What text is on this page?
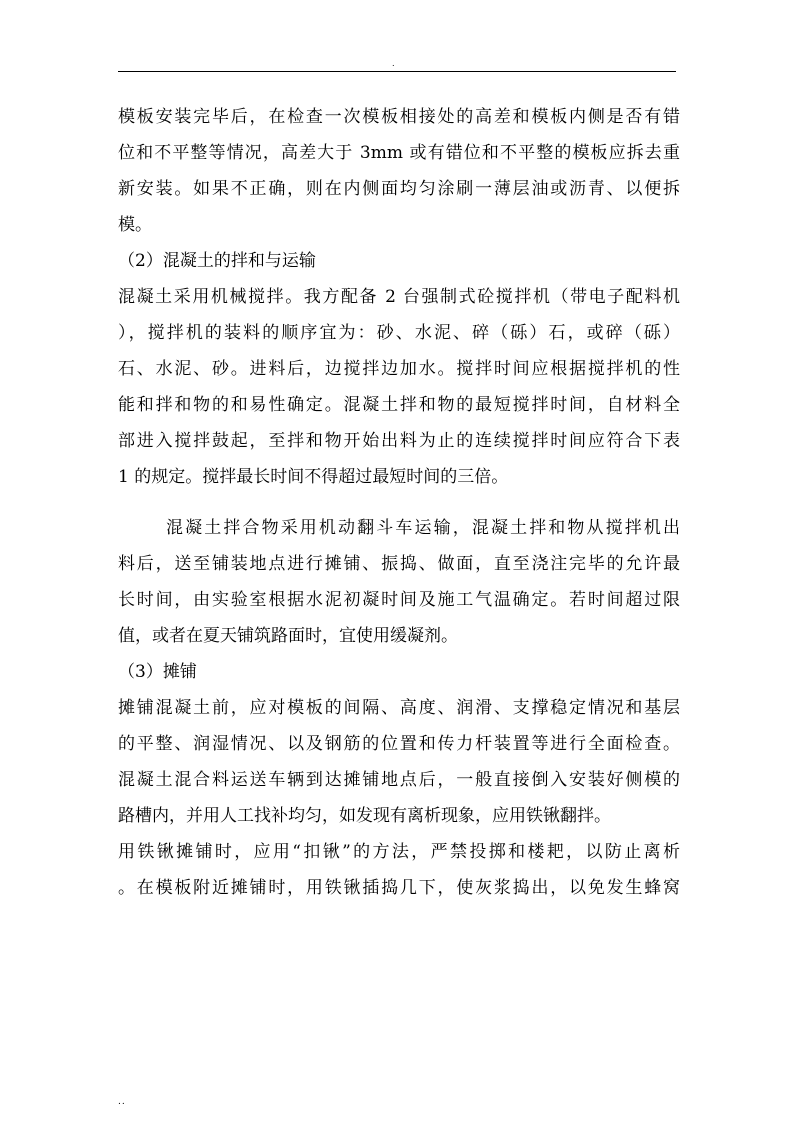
.
模板安装完毕后，在检查一次模板相接处的高差和模板内侧是否有错
位和不平整等情况，高差大于 3mm 或有错位和不平整的模板应拆去重
新安装。如果不正确，则在内侧面均匀涂刷一薄层油或沥青、以便拆
模。
（2）混凝土的拌和与运输
混凝土采用机械搅拌。我方配备 2 台强制式砼搅拌机（带电子配料机
），搅拌机的装料的顺序宜为：砂、水泥、碎（砾）石，或碎（砾）
石、水泥、砂。进料后，边搅拌边加水。搅拌时间应根据搅拌机的性
能和拌和物的和易性确定。混凝土拌和物的最短搅拌时间，自材料全
部进入搅拌鼓起，至拌和物开始出料为止的连续搅拌时间应符合下表
1 的规定。搅拌最长时间不得超过最短时间的三倍。
混凝土拌合物采用机动翻斗车运输，混凝土拌和物从搅拌机出
料后，送至铺装地点进行摊铺、振捣、做面，直至浇注完毕的允许最
长时间，由实验室根据水泥初凝时间及施工气温确定。若时间超过限
值，或者在夏天铺筑路面时，宜使用缓凝剂。
（3）摊铺
摊铺混凝土前，应对模板的间隔、高度、润滑、支撑稳定情况和基层
的平整、润湿情况、以及钢筋的位置和传力杆装置等进行全面检查。
混凝土混合料运送车辆到达摊铺地点后，一般直接倒入安装好侧模的
路槽内，并用人工找补均匀，如发现有离析现象，应用铁锹翻拌。
用铁锹摊铺时，应用“扣锹”的方法，严禁投掷和楼耙，以防止离析
。在模板附近摊铺时，用铁锹插捣几下，使灰浆捣出，以免发生蜂窝
..
